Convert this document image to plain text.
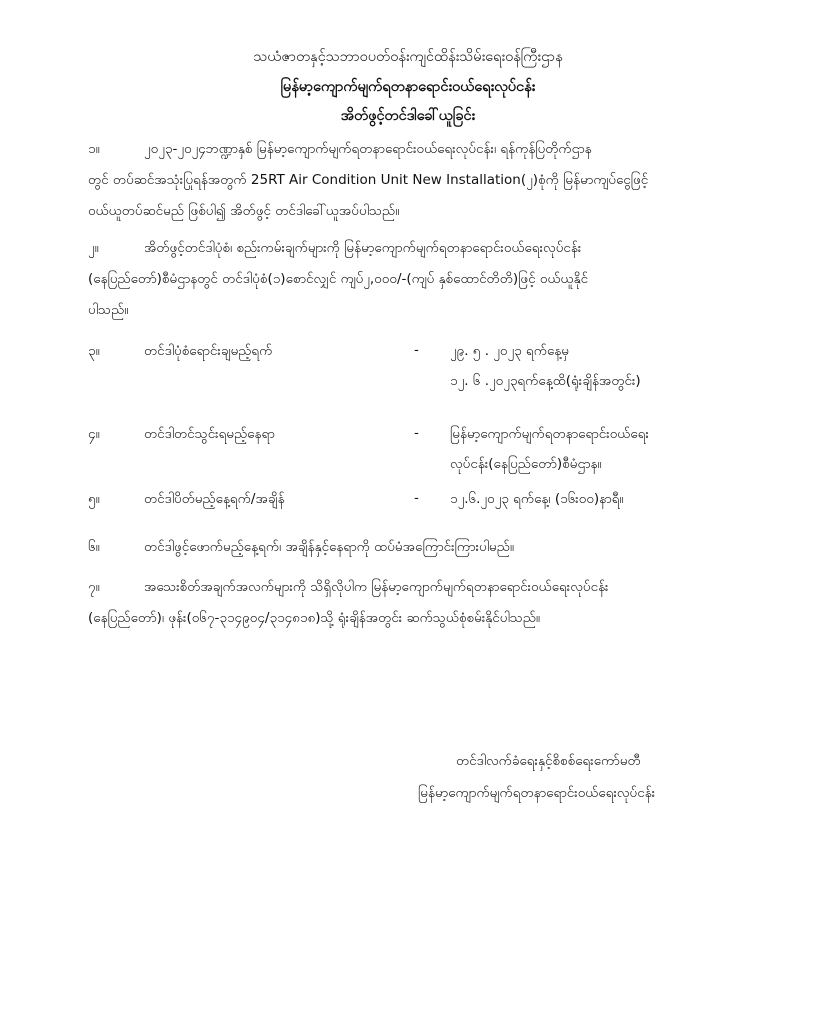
သယံဇာတနှင့်သဘာဝပတ်ဝန်းကျင်ထိန်းသိမ်းရေးဝန်ကြီးဌာန
မြန်မာ့ကျောက်မျက်ရတနာရောင်းဝယ်ရေးလုပ်ငန်း
အိတ်ဖွင့်တင်ဒါခေါ်ယူခြင်း
၁။	၂၀၂၃-၂၀၂၄ဘဏ္ဍာနှစ် မြန်မာ့ကျောက်မျက်ရတနာရောင်းဝယ်ရေးလုပ်ငန်း၊ ရန်ကုန်ပြတိုက်ဌာန
တွင် တပ်ဆင်အသုံးပြုရန်အတွက် 25RT Air Condition Unit New Installation(၂)စုံကို မြန်မာကျပ်ငွေဖြင့်
ဝယ်ယူတပ်ဆင်မည် ဖြစ်ပါ၍ အိတ်ဖွင့် တင်ဒါခေါ်ယူအပ်ပါသည်။
၂။	အိတ်ဖွင့်တင်ဒါပုံစံ၊ စည်းကမ်းချက်များကို မြန်မာ့ကျောက်မျက်ရတနာရောင်းဝယ်ရေးလုပ်ငန်း
(နေပြည်တော်)စီမံဌာနတွင် တင်ဒါပုံစံ(၁)စောင်လျှင် ကျပ်၂,၀၀၀/-(ကျပ် နှစ်ထောင်တိတိ)ဖြင့် ဝယ်ယူနိုင်
ပါသည်။
၃။	တင်ဒါပုံစံရောင်းချမည့်ရက်	- ၂၉. ၅ . ၂၀၂၃ ရက်နေ့မှ
၁၂. ၆ .၂၀၂၃ရက်နေ့ထိ(ရုံးချိန်အတွင်း)
၄။	တင်ဒါတင်သွင်းရမည့်နေရာ	- မြန်မာ့ကျောက်မျက်ရတနာရောင်းဝယ်ရေး
လုပ်ငန်း(နေပြည်တော်)စီမံဌာန။
၅။	တင်ဒါပိတ်မည့်နေ့ရက်/အချိန်	- ၁၂.၆.၂၀၂၃ ရက်နေ့၊ (၁၆း၀၀)နာရီ။
၆။	တင်ဒါဖွင့်ဖောက်မည့်နေ့ရက်၊ အချိန်နှင့်နေရာကို ထပ်မံအကြောင်းကြားပါမည်။
၇။	အသေးစိတ်အချက်အလက်များကို သိရှိလိုပါက မြန်မာ့ကျောက်မျက်ရတနာရောင်းဝယ်ရေးလုပ်ငန်း
(နေပြည်တော်)၊ ဖုန်း(၀၆၇-၃၁၄၉၀၄/၃၁၄၈၁၈)သို့ ရုံးချိန်အတွင်း ဆက်သွယ်စုံစမ်းနိုင်ပါသည်။
တင်ဒါလက်ခံရေးနှင့်စိစစ်ရေးကော်မတီ
မြန်မာ့ကျောက်မျက်ရတနာရောင်းဝယ်ရေးလုပ်ငန်း
